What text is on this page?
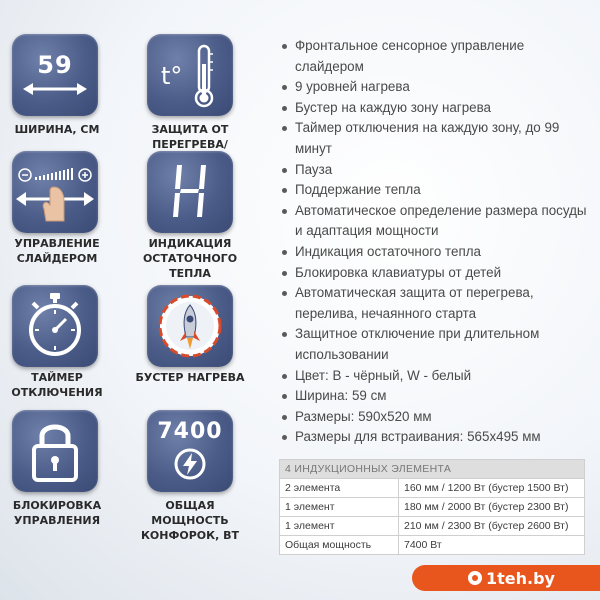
59
ШИРИНА, СМ
t°
ЗАЩИТА ОТ ПЕРЕГРЕВА/
УПРАВЛЕНИЕ СЛАЙДЕРОМ
ИНДИКАЦИЯ ОСТАТОЧНОГО ТЕПЛА
ТАЙМЕР ОТКЛЮЧЕНИЯ
БУСТЕР НАГРЕВА
БЛОКИРОВКА УПРАВЛЕНИЯ
7400
ОБЩАЯ МОЩНОСТЬ КОНФОРОК, ВТ
Фронтальное сенсорное управление слайдером
9 уровней нагрева
Бустер на каждую зону нагрева
Таймер отключения на каждую зону, до 99 минут
Пауза
Поддержание тепла
Автоматическое определение размера посуды и адаптация мощности
Индикация остаточного тепла
Блокировка клавиатуры от детей
Автоматическая защита от перегрева, перелива, нечаянного старта
Защитное отключение при длительном использовании
Цвет: B - чёрный, W - белый
Ширина: 59 см
Размеры: 590x520 мм
Размеры для встраивания: 565x495 мм
4 ИНДУКЦИОННЫХ ЭЛЕМЕНТА	
2 элемента	160 мм / 1200 Вт (бустер 1500 Вт)
1 элемент	180 мм / 2000 Вт (бустер 2300 Вт)
1 элемент	210 мм / 2300 Вт (бустер 2600 Вт)
Общая мощность	7400 Вт
1teh.by
